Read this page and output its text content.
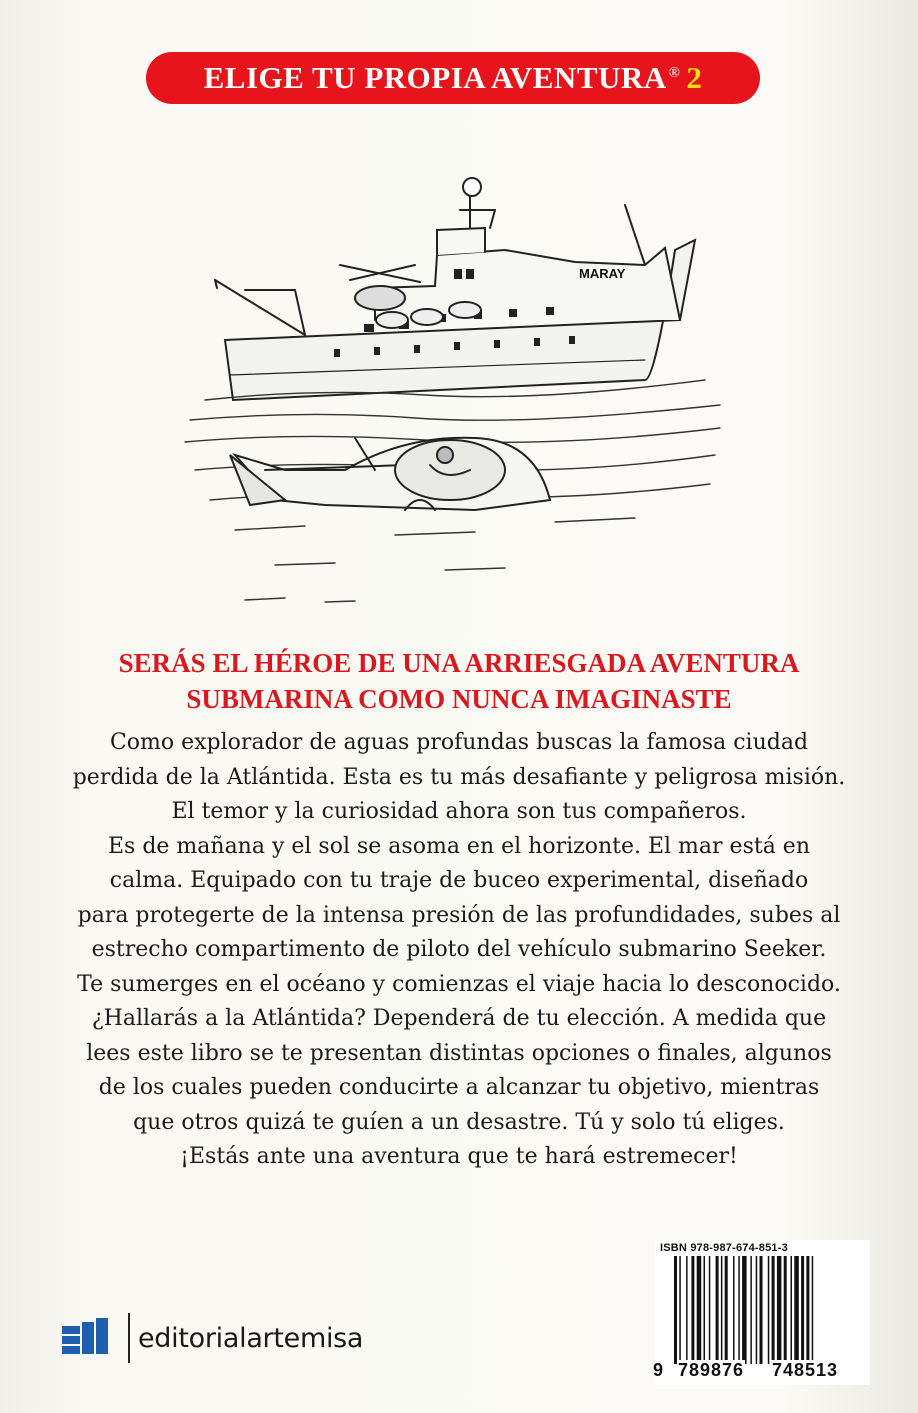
ELIGE TU PROPIA AVENTURA ® 2
MARAY
SERÁS EL HÉROE DE UNA ARRIESGADA AVENTURA
SUBMARINA COMO NUNCA IMAGINASTE
Como explorador de aguas profundas buscas la famosa ciudad
perdida de la Atlántida. Esta es tu más desafiante y peligrosa misión.
El temor y la curiosidad ahora son tus compañeros.
Es de mañana y el sol se asoma en el horizonte. El mar está en
calma. Equipado con tu traje de buceo experimental, diseñado
para protegerte de la intensa presión de las profundidades, subes al
estrecho compartimento de piloto del vehículo submarino Seeker.
Te sumerges en el océano y comienzas el viaje hacia lo desconocido.
¿Hallarás a la Atlántida? Dependerá de tu elección. A medida que
lees este libro se te presentan distintas opciones o finales, algunos
de los cuales pueden conducirte a alcanzar tu objetivo, mientras
que otros quizá te guíen a un desastre. Tú y solo tú eliges.
¡Estás ante una aventura que te hará estremecer!
editorialartemisa
ISBN 978-987-674-851-3
9 789876 748513
